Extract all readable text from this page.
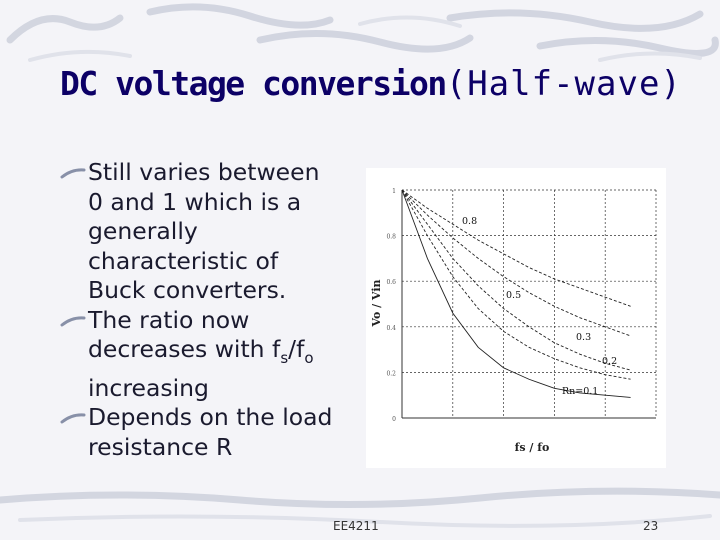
DC voltage conversion(Half-wave)
Still varies between
0 and 1 which is a
generally
characteristic of
Buck converters.
The ratio now
decreases with $f_s/f_o$
increasing
Depends on the load
resistance R
1
0.8
0.6
0.4
0.2
0
0.8
0.5
0.3
0.2
Rn=0.1
Vo / Vin
fs / fo
EE4211	23
